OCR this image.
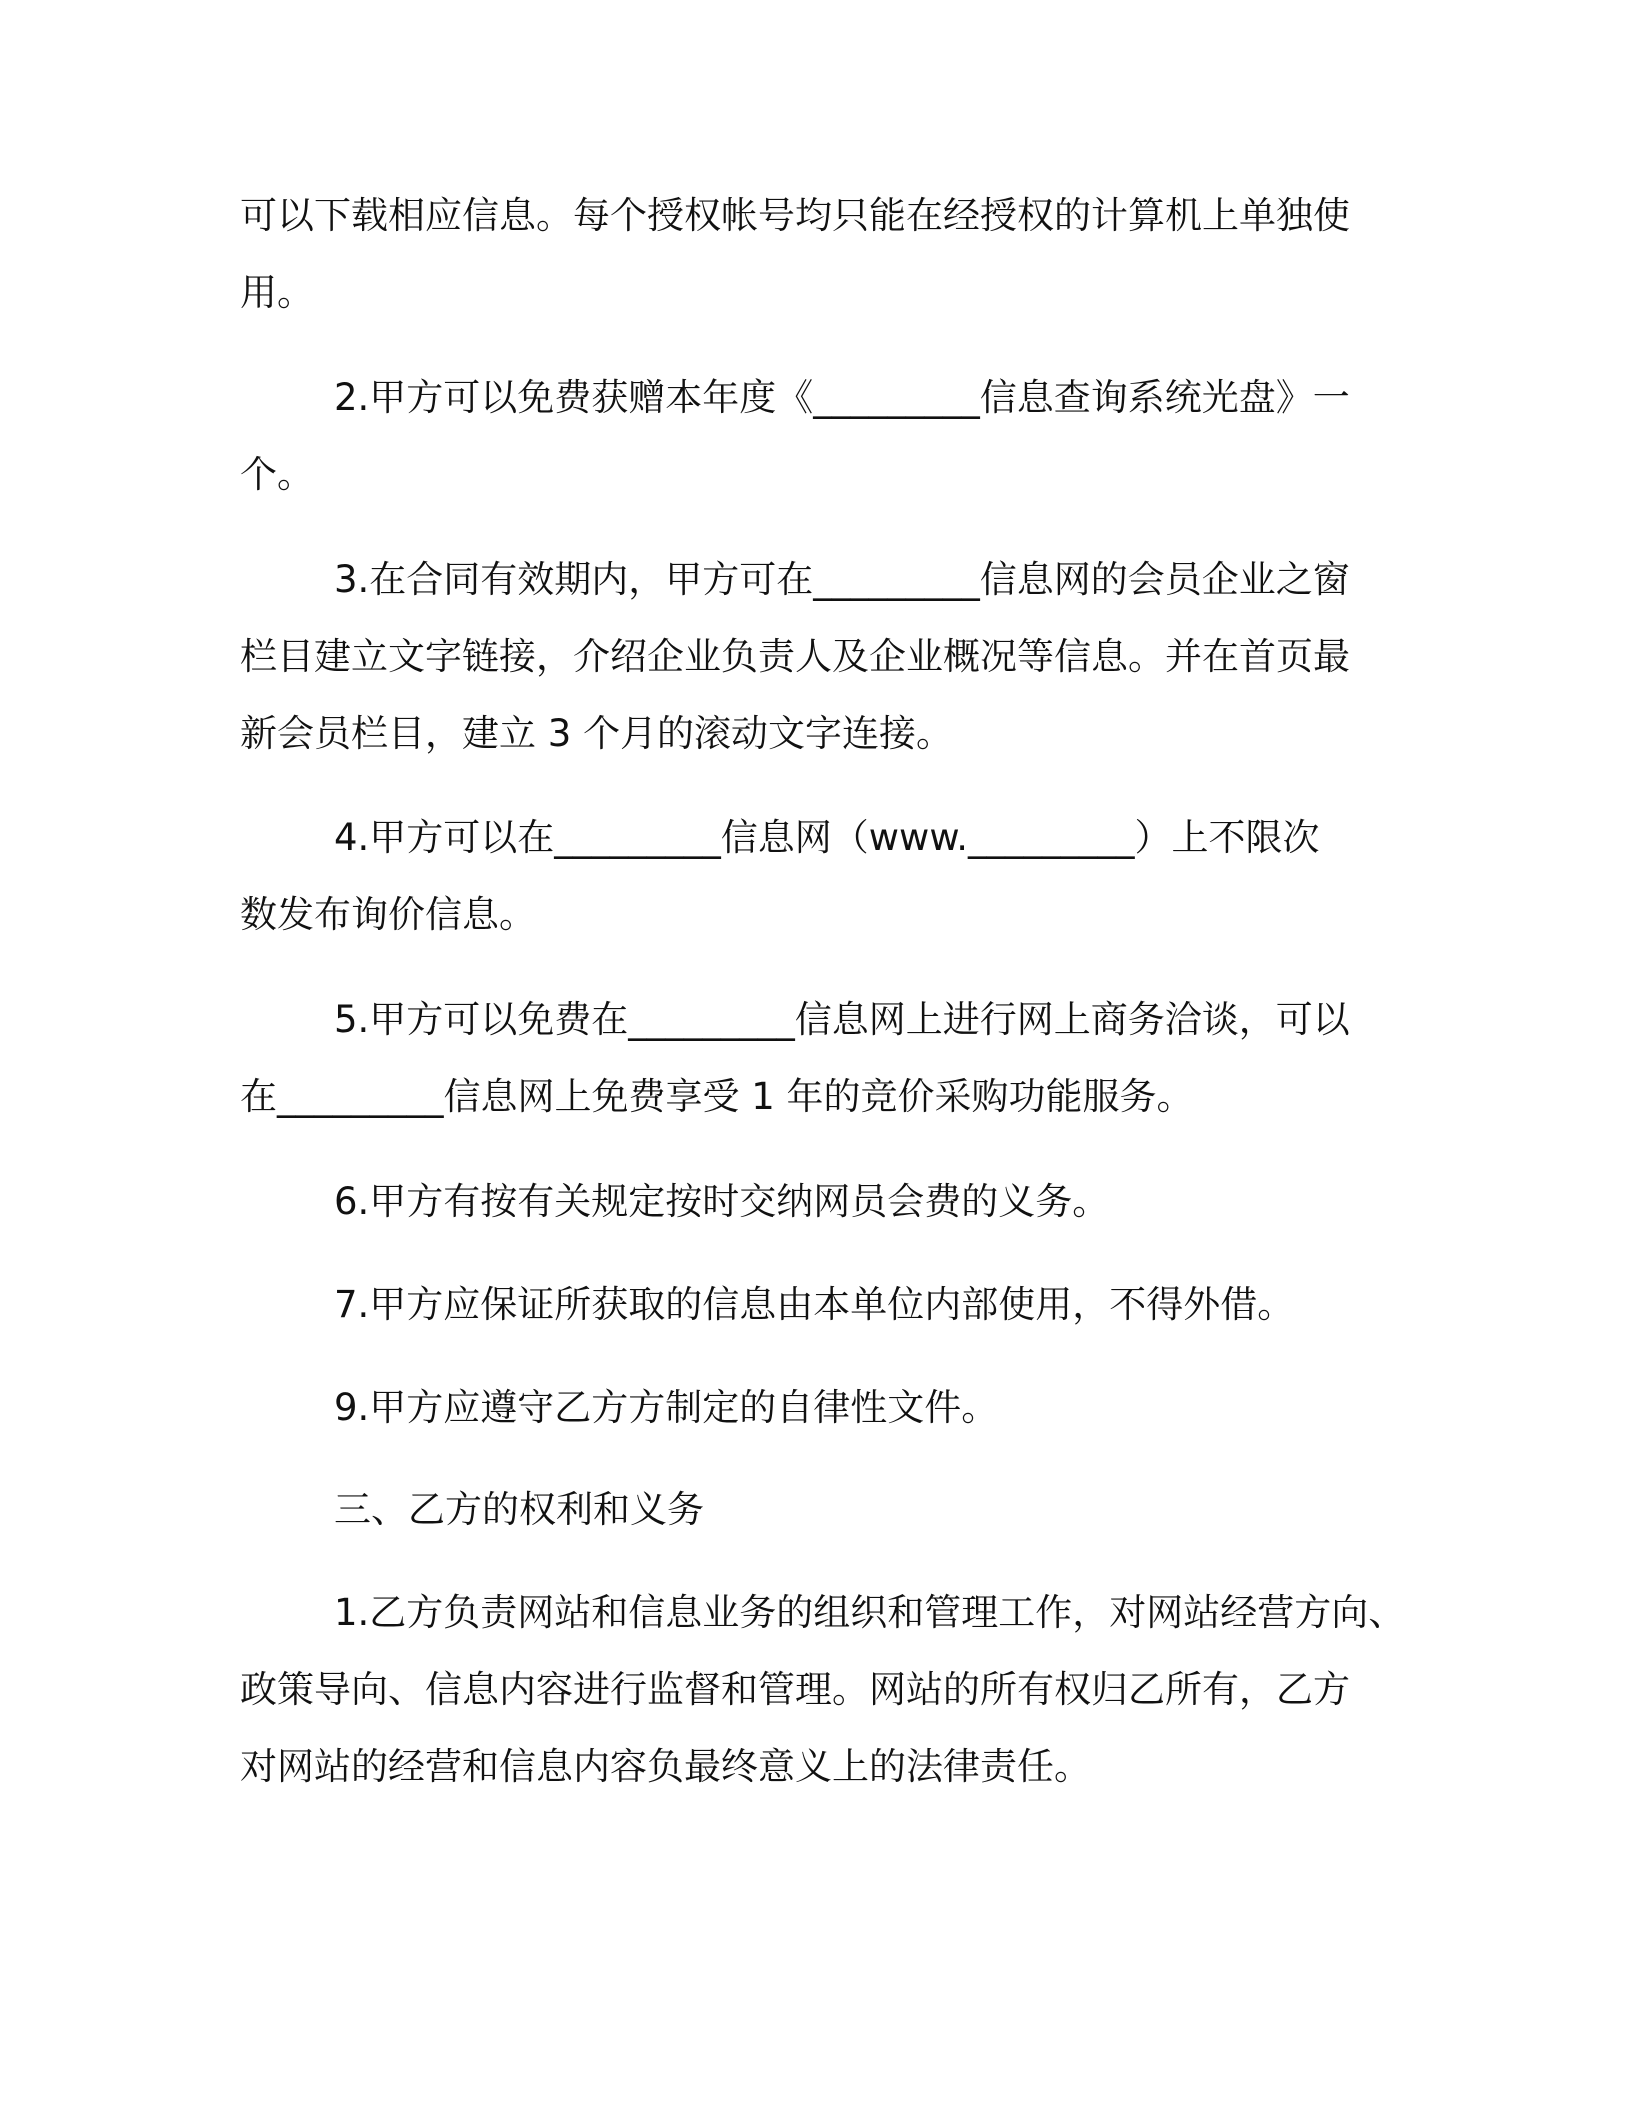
可以下载相应信息。每个授权帐号均只能在经授权的计算机上单独使
用。
2.甲方可以免费获赠本年度《_________信息查询系统光盘》一
个。
3.在合同有效期内，甲方可在_________信息网的会员企业之窗
栏目建立文字链接，介绍企业负责人及企业概况等信息。并在首页最
新会员栏目，建立 3 个月的滚动文字连接。
4.甲方可以在_________信息网（www._________）上不限次
数发布询价信息。
5.甲方可以免费在_________信息网上进行网上商务洽谈，可以
在_________信息网上免费享受 1 年的竞价采购功能服务。
6.甲方有按有关规定按时交纳网员会费的义务。
7.甲方应保证所获取的信息由本单位内部使用，不得外借。
9.甲方应遵守乙方方制定的自律性文件。
三、乙方的权利和义务
1.乙方负责网站和信息业务的组织和管理工作，对网站经营方向、
政策导向、信息内容进行监督和管理。网站的所有权归乙所有，乙方
对网站的经营和信息内容负最终意义上的法律责任。
